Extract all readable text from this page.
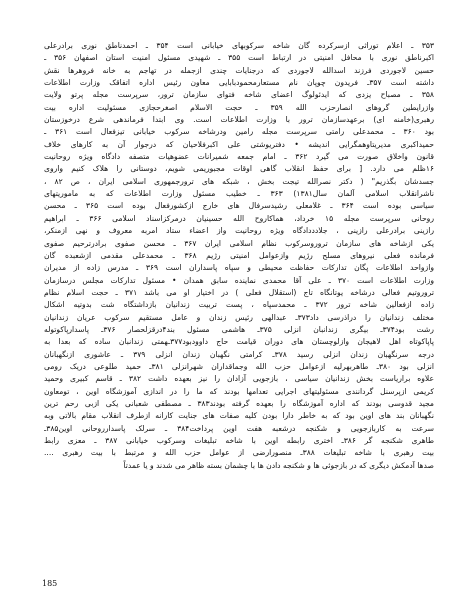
۳۵۳ ـ اعلام توراثی ازسرکرده گان شاخه سرکوبهای خیابانی است ۳۵۴ ـ احمدناطق نوری برادرعلی
اکبرناطق نوری با محافل امنیتی در ارتباط است ۳۵۵ ـ شهیدی مسئول امنیت استان اصفهان ۳۵۶ ـ
حسین لاجوردی فرزند اسدالله لاجوردی که درجنایات چندی ازجمله در تهاجم به خانه فروهرها نقش
داشته است ۳۵۷ـ فریدون چوپان نام مستعارمحمودبابایی معاون رئیس اداره اتفاقک وزارت اطلاعات
۳۵۸ ـ مصباح یزدی که ایدئولوگ اعضای شاخه فتوای سازمان ترور، سرپرست مجله پرتو ولایت
وازرایطین گروهای انصارحزب الله ۳۵۹ ـ حجت الاسلام اصغرحجازی مسئولیت اداره بیت
رهبری(خامنه ای) برعهدسازمان ترور با وزارت اطلاعات است. وی ابتدا فرماندهی شرع درخوزستان
بود ۳۶۰ ـ محمدعلی رامتی سرپرست مجله رامین ودرشاخه سرکوب خیابانی تیزفعال است ۳۶۱ ـ
حمیداکبری مدیریتاوهمگرایی اندیشه • دفتریوشتی علی اکبرفلاحیان که درجوار آن به کارهای خلاف
قانون واخلاق صورت می گیرد ۳۶۲ ـ امام جمعه شمیرانات عضوهیات متصفه دادگاه ویژه روحانیت
۱۶ظلم می دارد. [ برای حفظ انقلاب گاهی اوقات مجبوریمی شویم، دوستانی را هلاک کنیم واروی
جسدشان بگذریم" ( دکتر نصرالله تیجت بخش ، شبکه های ترورجمهوری اسلامی ایران ، ص ۸۲ ،
ناشرانقلاب اسلامی آلمان سال۱۳۸۱) ۳۶۳ ـ خطیب مسئول وزارت اطلاعات که به ماموریتهای
سیاسی بوده است ۳۶۴ ـ غلامعلی رشیدسرفال های خارج ازکشورفعال بوده است ۳۶۵ ـ محسن
روحانی سرپرست مجله ۱۵ خرداد، هماکاروح الله حسینیان درمرکزاسناد اسلامی ۳۶۶ ـ ابراهیم
رازینی برادرعلی رازینی ، جلادددادگاه ویژه روحانیت واز اعضاء ستاد امربه معروف و نهی ازمنکر،
یکی ازشاخه های سازمان تروروسرکوب نظام اسلامی ایران ۳۶۷ ـ محسن صفوی برادرترحیم صفوی
فرمانده فعلی نیروهای مسلح رژیم وازعوامل امنیتی رژیم ۳۶۸ ـ محمدعلی مقدمی ازشعبده گان
وازواحد اطلاعات پگان تدارکات حفاظت محیطی و سپاه پاسداران است ۳۶۹ ـ مدرس زاده از مدیران
وزارت اطلاعات است ۳۷۰ ـ علی آقا محمدی نماینده سابق همدان • مسئول تدارکات مجلس درسازمان
تروروتیم فعالی درشاخه یوتانگاه تاج (استقلال فعلی ) در اختیار او می باشد ۳۷۱ ـ حجت اسلام نظام
زاده ازفعالین شاخه ترور ۳۷۲ ـ محمدسپاه ، پست تربیت زندانیان بازداشتگاه شت بدوتیه اشکال
مختلف زندانیان را دراذرسی داد۳۷۳ـ عبدالهی رئیس زندان و عامل مستقیم سرکوب عریان زندانیان
رشت بود۳۷۴ـ بیگری زندانبان انزلی ۳۷۵ـ هاشمی مسئول بند۴درقزلحصار ۳۷۶ـ پاسدارپاکوتوله
پاپاکوتاه اهل لاهیجان وازلوچستان های دوران قیامت حاج داوودبود۳۷۷ـهمتی زندانبان ساده که بعدا به
درجه سرنگهبان زندان انزلی رسید ۳۷۸ـ کرامتی نگهبان زندان انزلی ۳۷۹ ـ عاشوری ازنگهبانان
انزلی بود ۳۸۰ـ طاهربهرلیه ازعوامل حزب الله وجماقداران شهرانزلی ۳۸۱ـ حمید طلوعی دریک رومی
علاوه براریاست بخش زندانیان سیاسی ، بازجویی آزادان را نیز بعهده داشت ۳۸۲ ـ قاسم کبیری وحمید
کریمی ازپرسنل گردانندی مسئولیتهای اجرایی تعدامها بودند که ما را در اندازی آموزشگاه اوین ، تومعاون
مجید قدوسی بودند که اداره آموزشگاه را بعهده گرفته بودند۳۸۳ ـ مصطفی شعبانی یکی ازبی رحم ترین
نگهبانان بند های اوین بود که به خاطر دارا بودن کلیه صفات های جنایت کارانه ازطرف انقلاب مقام بالاتی وبه
سرعت به کاربازجویی و شکنجه درشعبه هفت اوین پرداخت۳۸۴ ـ سرلک پاسدارروحانی اوین۳۸۵ـ
طاهری شکنجه گر ۳۸۶ـ اختری رابطه اوین با شاخه تبلیغات وسرکوب خیابانی ۳۸۷ ـ معزی رابط
بیت رهبری با شاخه تبلیغات ۳۸۸ـ منصورارضی از عوامل حزب الله و مرتبط با بیت رهبری ....
صدها آدمکش دیگری که در بازجوئی ها و شکنجه دادن ها با چشمان بسته ظاهر می شدند و یا عمدتاً
185
